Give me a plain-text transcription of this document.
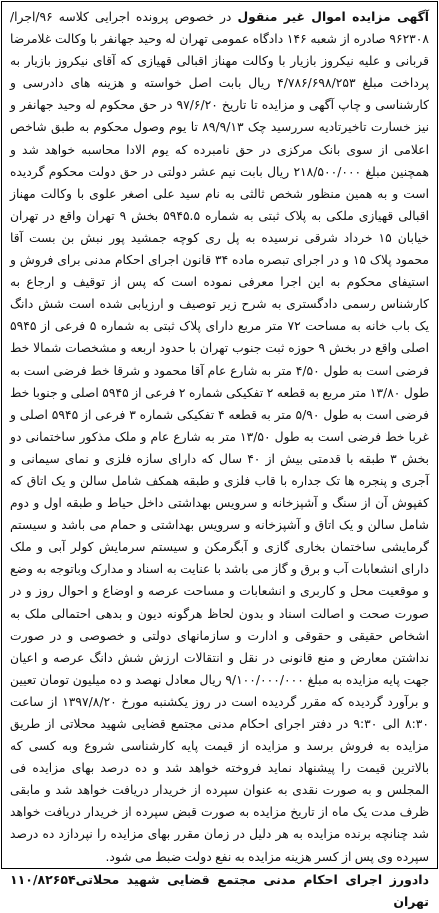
آگهی مزایده اموال غیر منقول در خصوص پرونده اجرایی کلاسه ۹۶/اجرا/۹۶۲۳۰۸ صادره از شعبه ۱۴۶ دادگاه عمومی تهران له وحید جهانفر با وکالت غلامرضا قربانی و علیه نیکروز بازیار با وکالت مهناز اقبالی قهیازی که آقای نیکروز بازیار به پرداخت مبلغ ۴/۷۸۶/۶۹۸/۲۵۳ ریال بابت اصل خواسته و هزینه های دادرسی و کارشناسی و چاپ آگهی و مزایده تا تاریخ ۹۷/۶/۲۰ در حق محکوم له وحید جهانفر و نیز خسارت تاخیرتادیه سررسید چک ۸۹/۹/۱۳ تا یوم وصول محکوم به طبق شاخص اعلامی از سوی بانک مرکزی در حق نامبرده که یوم الادا محاسبه خواهد شد و همچنین مبلغ ۲۱۸/۵۰۰/۰۰۰ ریال بابت نیم عشر دولتی در حق دولت محکوم گردیده است و به همین منظور شخص ثالثی به نام سید علی اصغر علوی با وکالت مهناز اقبالی قهیازی ملکی به پلاک ثبتی به شماره ۵۹۴۵.۵ بخش ۹ تهران واقع در تهران خیابان ۱۵ خرداد شرقی نرسیده به پل ری کوچه جمشید پور نبش بن بست آقا محمود پلاک ۱۵ و در اجرای تبصره ماده ۳۴ قانون اجرای احکام مدنی برای فروش و استیفای محکوم به این اجرا معرفی نموده است که پس از توقیف و ارجاع به کارشناس رسمی دادگستری به شرح زیر توصیف و ارزیابی شده است شش دانگ یک باب خانه به مساحت ۷۲ متر مربع دارای پلاک ثبتی به شماره ۵ فرعی از ۵۹۴۵ اصلی واقع در بخش ۹ حوزه ثبت جنوب تهران با حدود اربعه و مشخصات شمالا خط فرضی است به طول ۴/۵۰ متر به شارع عام آقا محمود و شرقا خط فرضی است به طول ۱۳/۸۰ متر مربع به قطعه ۲ تفکیکی شماره ۲ فرعی از ۵۹۴۵ اصلی و جنوبا خط فرضی است به طول ۵/۹۰ متر به قطعه ۴ تفکیکی شماره ۳ فرعی از ۵۹۴۵ اصلی و غربا خط فرضی است به طول ۱۳/۵۰ متر به شارع عام و ملک مذکور ساختمانی دو بخش ۳ طبقه با قدمتی بیش از ۴۰ سال که دارای سازه فلزی و نمای سیمانی و آجری و پنجره ها تک جداره با قاب فلزی و طبقه همکف شامل سالن و یک اتاق که کفپوش آن از سنگ و آشپزخانه و سرویس بهداشتی داخل حیاط و طبقه اول و دوم شامل سالن و یک اتاق و آشپزخانه و سرویس بهداشتی و حمام می باشد و سیستم گرمایشی ساختمان بخاری گازی و آبگرمکن و سیستم سرمایش کولر آبی و ملک دارای انشعابات آب و برق و گاز می باشد با عنایت به اسناد و مدارک وباتوجه به وضع و موقعیت محل و کاربری و انشعابات و مساحت عرصه و اوضاع و احوال روز و در صورت صحت و اصالت اسناد و بدون لحاظ هرگونه دیون و بدهی احتمالی ملک به اشخاص حقیقی و حقوقی و ادارت و سازمانهای دولتی و خصوصی و در صورت نداشتن معارض و منع قانونی در نقل و انتقالات ارزش شش دانگ عرصه و اعیان جهت پایه مزایده به مبلغ ۹/۱۰۰/۰۰۰/۰۰۰ ریال معادل نهصد و ده میلیون تومان تعیین و برآورد گردیده که مقرر گردیده است در روز یکشنبه مورخ ۱۳۹۷/۸/۲۰ از ساعت ۸:۳۰ الی ۹:۳۰ در دفتر اجرای احکام مدنی مجتمع قضایی شهید محلاتی از طریق مزایده به فروش برسد و مزایده از قیمت پایه کارشناسی شروع وبه کسی که بالاترین قیمت را پیشنهاد نماید فروخته خواهد شد و ده درصد بهای مزایده فی المجلس و به صورت نقدی به عنوان سپرده از خریدار دریافت خواهد شد و مابقی ظرف مدت یک ماه از تاریخ مزایده به صورت قبض سپرده از خریدار دریافت خواهد شد چنانچه برنده مزایده به هر دلیل در زمان مقرر بهای مزایده را نپردازد ده درصد سپرده وی پس از کسر هزینه مزایده به نفع دولت ضبط می شود.

دادورز اجرای احکام مدنی مجتمع قضایی شهید محلاتی تهران
۱۱۰/۸۲۶۵۴
